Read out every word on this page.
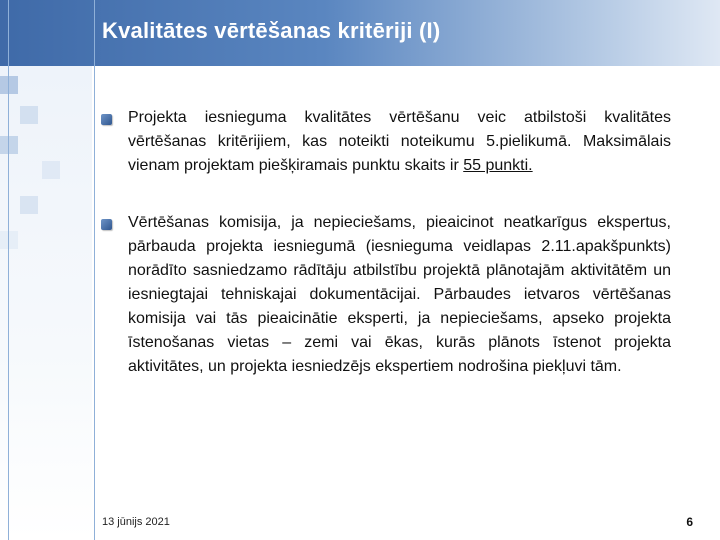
Kvalitātes vērtēšanas kritēriji (I)
Projekta iesnieguma kvalitātes vērtēšanu veic atbilstoši kvalitātes vērtēšanas kritērijiem, kas noteikti noteikumu 5.pielikumā. Maksimālais vienam projektam piešķiramais punktu skaits ir 55 punkti.
Vērtēšanas komisija, ja nepieciešams, pieaicinot neatkarīgus ekspertus, pārbauda projekta iesniegumā (iesnieguma veidlapas 2.11.apakšpunkts) norādīto sasniedzamo rādītāju atbilstību projektā plānotajām aktivitātēm un iesniegtajai tehniskajai dokumentācijai. Pārbaudes ietvaros vērtēšanas komisija vai tās pieaicinātie eksperti, ja nepieciešams, apseko projekta īstenošanas vietas – zemi vai ēkas, kurās plānots īstenot projekta aktivitātes, un projekta iesniedzējs ekspertiem nodrošina piekļuvi tām.
13 jūnijs 2021	6
